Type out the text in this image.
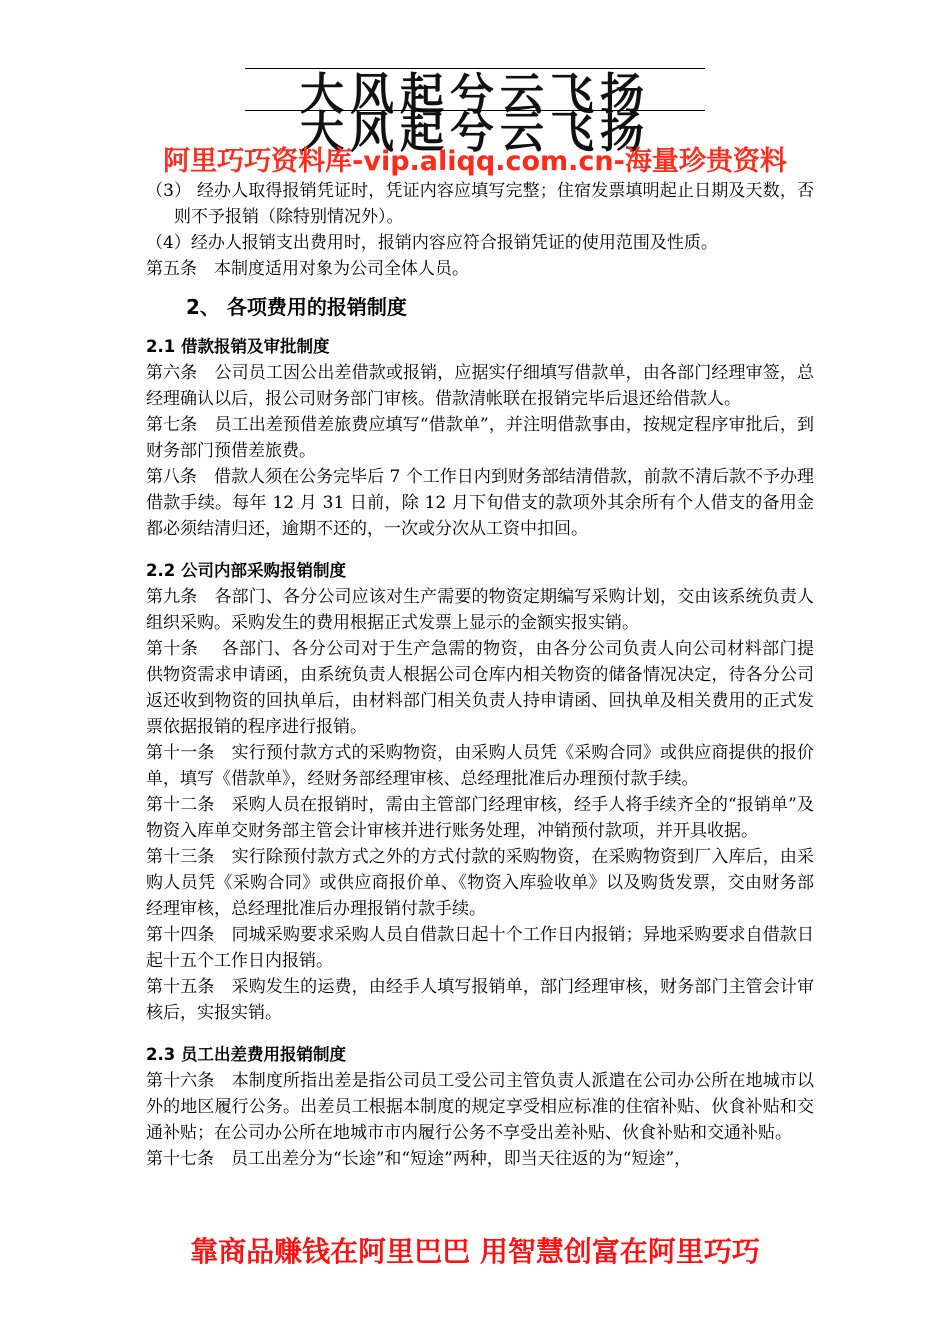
大风起兮云飞扬
大风起兮云飞扬
阿里巧巧资料库-vip.aliqq.com.cn-海量珍贵资料

（3） 经办人取得报销凭证时，凭证内容应填写完整；住宿发票填明起止日期及天数，否则不予报销（除特别情况外）。

（4）经办人报销支出费用时，报销内容应符合报销凭证的使用范围及性质。

第五条　本制度适用对象为公司全体人员。

2、 各项费用的报销制度
2.1 借款报销及审批制度

第六条　公司员工因公出差借款或报销，应据实仔细填写借款单，由各部门经理审签，总经理确认以后，报公司财务部门审核。借款清帐联在报销完毕后退还给借款人。

第七条　员工出差预借差旅费应填写“借款单”，并注明借款事由，按规定程序审批后，到财务部门预借差旅费。

第八条　借款人须在公务完毕后 7 个工作日内到财务部结清借款，前款不清后款不予办理借款手续。每年 12 月 31 日前，除 12 月下旬借支的款项外其余所有个人借支的备用金都必须结清归还，逾期不还的，一次或分次从工资中扣回。

2.2 公司内部采购报销制度

第九条　各部门、各分公司应该对生产需要的物资定期编写采购计划，交由该系统负责人组织采购。采购发生的费用根据正式发票上显示的金额实报实销。

第十条　 各部门、各分公司对于生产急需的物资，由各分公司负责人向公司材料部门提供物资需求申请函，由系统负责人根据公司仓库内相关物资的储备情况决定，待各分公司返还收到物资的回执单后，由材料部门相关负责人持申请函、回执单及相关费用的正式发票依据报销的程序进行报销。

第十一条　实行预付款方式的采购物资，由采购人员凭《采购合同》或供应商提供的报价单，填写《借款单》，经财务部经理审核、总经理批准后办理预付款手续。

第十二条　采购人员在报销时，需由主管部门经理审核，经手人将手续齐全的“报销单”及物资入库单交财务部主管会计审核并进行账务处理，冲销预付款项，并开具收据。

第十三条　实行除预付款方式之外的方式付款的采购物资，在采购物资到厂入库后，由采购人员凭《采购合同》或供应商报价单、《物资入库验收单》以及购货发票，交由财务部经理审核，总经理批准后办理报销付款手续。

第十四条　同城采购要求采购人员自借款日起十个工作日内报销；异地采购要求自借款日起十五个工作日内报销。

第十五条　采购发生的运费，由经手人填写报销单，部门经理审核，财务部门主管会计审核后，实报实销。

2.3 员工出差费用报销制度

第十六条　本制度所指出差是指公司员工受公司主管负责人派遣在公司办公所在地城市以外的地区履行公务。出差员工根据本制度的规定享受相应标准的住宿补贴、伙食补贴和交通补贴；在公司办公所在地城市市内履行公务不享受出差补贴、伙食补贴和交通补贴。

第十七条　员工出差分为“长途”和“短途”两种，即当天往返的为“短途”，

靠商品赚钱在阿里巴巴 用智慧创富在阿里巧巧
